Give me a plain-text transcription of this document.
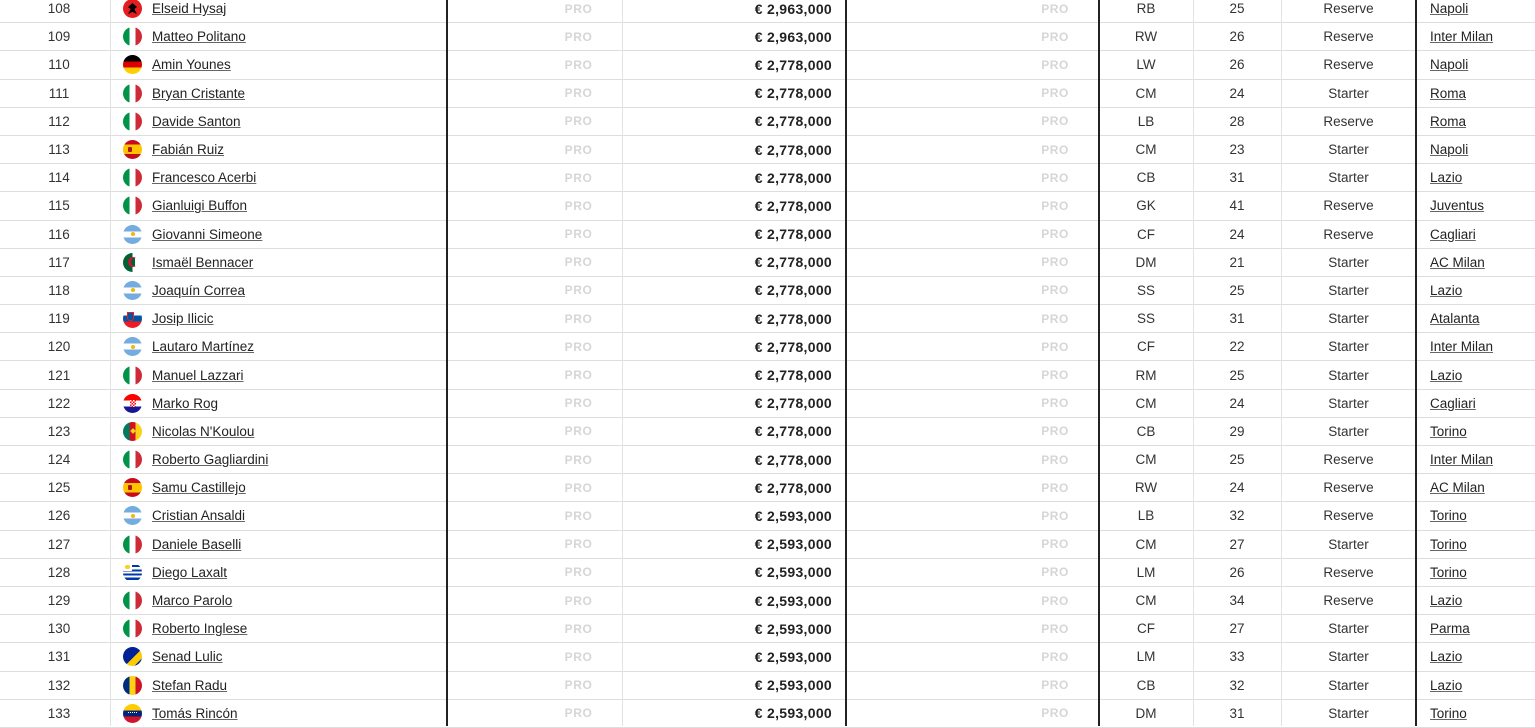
108	Elseid Hysaj	PRO	€ 2,963,000	PRO	RB	25	Reserve	Napoli
109	Matteo Politano	PRO	€ 2,963,000	PRO	RW	26	Reserve	Inter Milan
110	Amin Younes	PRO	€ 2,778,000	PRO	LW	26	Reserve	Napoli
111	Bryan Cristante	PRO	€ 2,778,000	PRO	CM	24	Starter	Roma
112	Davide Santon	PRO	€ 2,778,000	PRO	LB	28	Reserve	Roma
113	Fabián Ruiz	PRO	€ 2,778,000	PRO	CM	23	Starter	Napoli
114	Francesco Acerbi	PRO	€ 2,778,000	PRO	CB	31	Starter	Lazio
115	Gianluigi Buffon	PRO	€ 2,778,000	PRO	GK	41	Reserve	Juventus
116	Giovanni Simeone	PRO	€ 2,778,000	PRO	CF	24	Reserve	Cagliari
117	Ismaël Bennacer	PRO	€ 2,778,000	PRO	DM	21	Starter	AC Milan
118	Joaquín Correa	PRO	€ 2,778,000	PRO	SS	25	Starter	Lazio
119	Josip Ilicic	PRO	€ 2,778,000	PRO	SS	31	Starter	Atalanta
120	Lautaro Martínez	PRO	€ 2,778,000	PRO	CF	22	Starter	Inter Milan
121	Manuel Lazzari	PRO	€ 2,778,000	PRO	RM	25	Starter	Lazio
122	Marko Rog	PRO	€ 2,778,000	PRO	CM	24	Starter	Cagliari
123	Nicolas N'Koulou	PRO	€ 2,778,000	PRO	CB	29	Starter	Torino
124	Roberto Gagliardini	PRO	€ 2,778,000	PRO	CM	25	Reserve	Inter Milan
125	Samu Castillejo	PRO	€ 2,778,000	PRO	RW	24	Reserve	AC Milan
126	Cristian Ansaldi	PRO	€ 2,593,000	PRO	LB	32	Reserve	Torino
127	Daniele Baselli	PRO	€ 2,593,000	PRO	CM	27	Starter	Torino
128	Diego Laxalt	PRO	€ 2,593,000	PRO	LM	26	Reserve	Torino
129	Marco Parolo	PRO	€ 2,593,000	PRO	CM	34	Reserve	Lazio
130	Roberto Inglese	PRO	€ 2,593,000	PRO	CF	27	Starter	Parma
131	Senad Lulic	PRO	€ 2,593,000	PRO	LM	33	Starter	Lazio
132	Stefan Radu	PRO	€ 2,593,000	PRO	CB	32	Starter	Lazio
133	Tomás Rincón	PRO	€ 2,593,000	PRO	DM	31	Starter	Torino
